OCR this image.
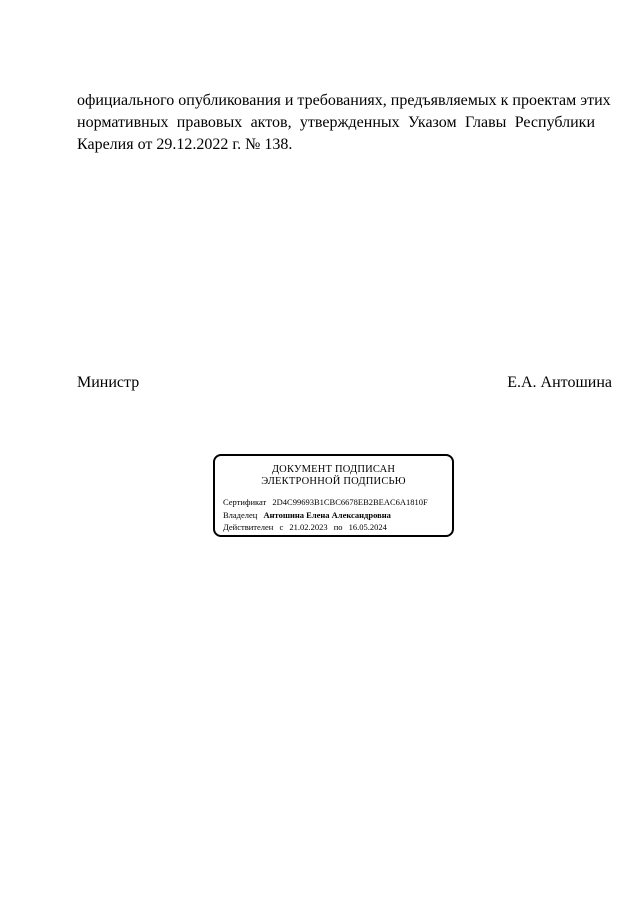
официального опубликования и требованиях, предъявляемых к проектам этих
нормативных правовых актов, утвержденных Указом Главы Республики
Карелия от 29.12.2022 г. № 138.
Министр	Е.А. Антошина
ДОКУМЕНТ ПОДПИСАН
ЭЛЕКТРОННОЙ ПОДПИСЬЮ
Сертификат 2D4C99693B1CBC6678EB2BEAC6A1810F
Владелец Антошина Елена Александровна
Действителен с 21.02.2023 по 16.05.2024
